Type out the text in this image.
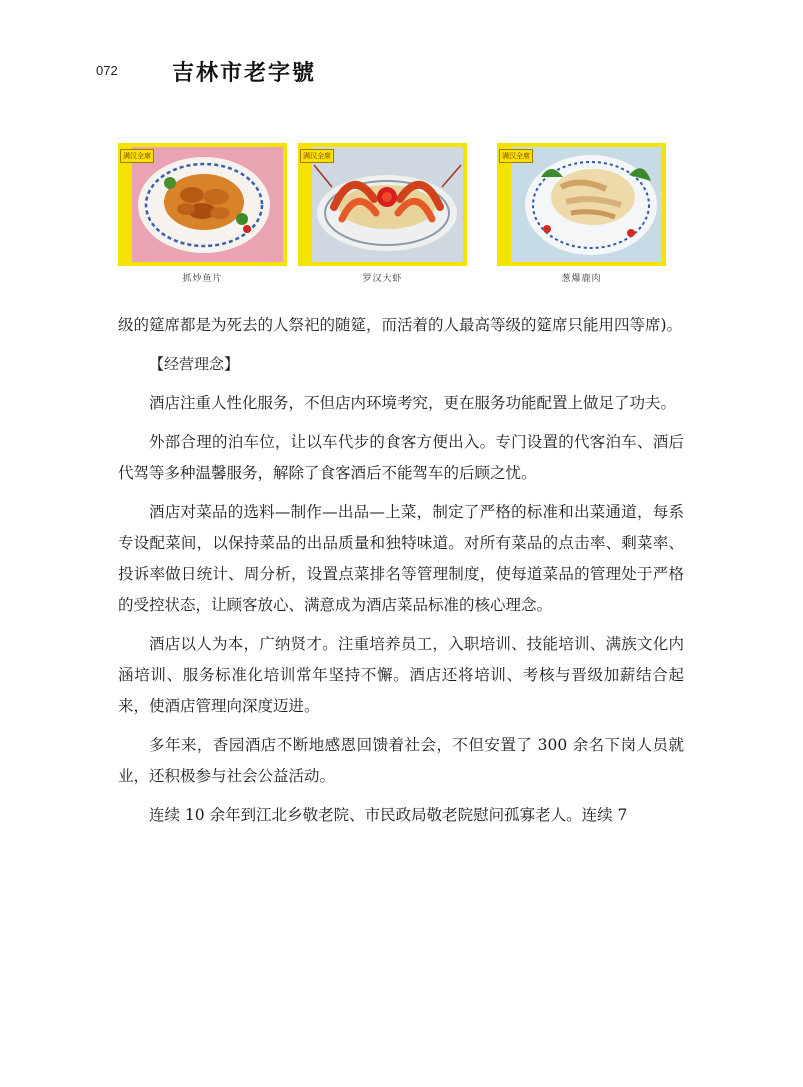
072 吉林市老字號
满汉全席
抓炒鱼片
满汉全席
罗汉大虾
满汉全席
葱爆鹿肉

级的筵席都是为死去的人祭祀的随筵，而活着的人最高等级的筵席只能用四等席)。

【经营理念】

酒店注重人性化服务，不但店内环境考究，更在服务功能配置上做足了功夫。

外部合理的泊车位，让以车代步的食客方便出入。专门设置的代客泊车、酒后代驾等多种温馨服务，解除了食客酒后不能驾车的后顾之忧。

酒店对菜品的选料—制作—出品—上菜，制定了严格的标准和出菜通道，每系专设配菜间，以保持菜品的出品质量和独特味道。对所有菜品的点击率、剩菜率、投诉率做日统计、周分析，设置点菜排名等管理制度，使每道菜品的管理处于严格的受控状态，让顾客放心、满意成为酒店菜品标准的核心理念。

酒店以人为本，广纳贤才。注重培养员工，入职培训、技能培训、满族文化内涵培训、服务标准化培训常年坚持不懈。酒店还将培训、考核与晋级加薪结合起来，使酒店管理向深度迈进。

多年来，香园酒店不断地感恩回馈着社会，不但安置了 300 余名下岗人员就业，还积极参与社会公益活动。

连续 10 余年到江北乡敬老院、市民政局敬老院慰问孤寡老人。连续 7
